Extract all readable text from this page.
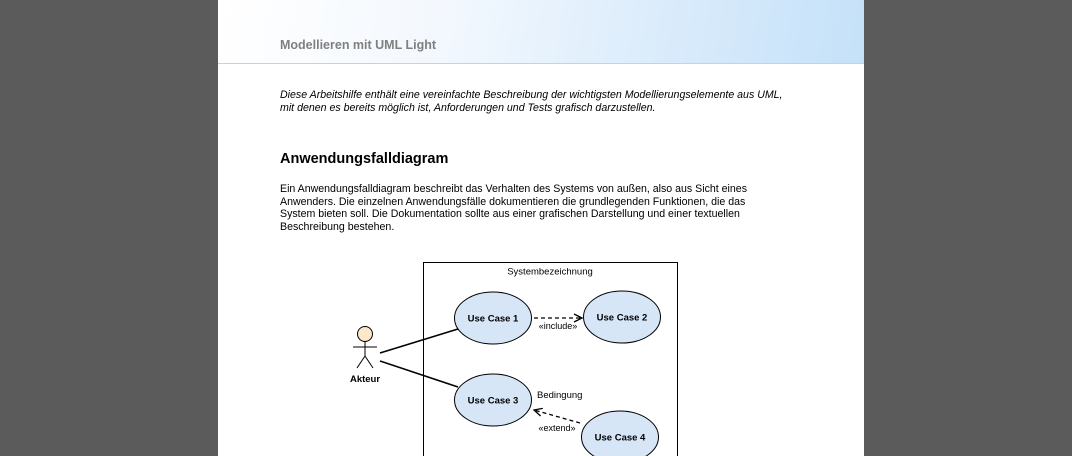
Modellieren mit UML Light
Diese Arbeitshilfe enthält eine vereinfachte Beschreibung der wichtigsten Modellierungselemente aus UML,
mit denen es bereits möglich ist, Anforderungen und Tests grafisch darzustellen.
Anwendungsfalldiagram
Ein Anwendungsfalldiagram beschreibt das Verhalten des Systems von außen, also aus Sicht eines
Anwenders. Die einzelnen Anwendungsfälle dokumentieren die grundlegenden Funktionen, die das
System bieten soll. Die Dokumentation sollte aus einer grafischen Darstellung und einer textuellen
Beschreibung bestehen.
Systembezeichnung
Akteur
«include»
«extend»
Bedingung
Use Case 1	Use Case 2
Use Case 3
Use Case 4
